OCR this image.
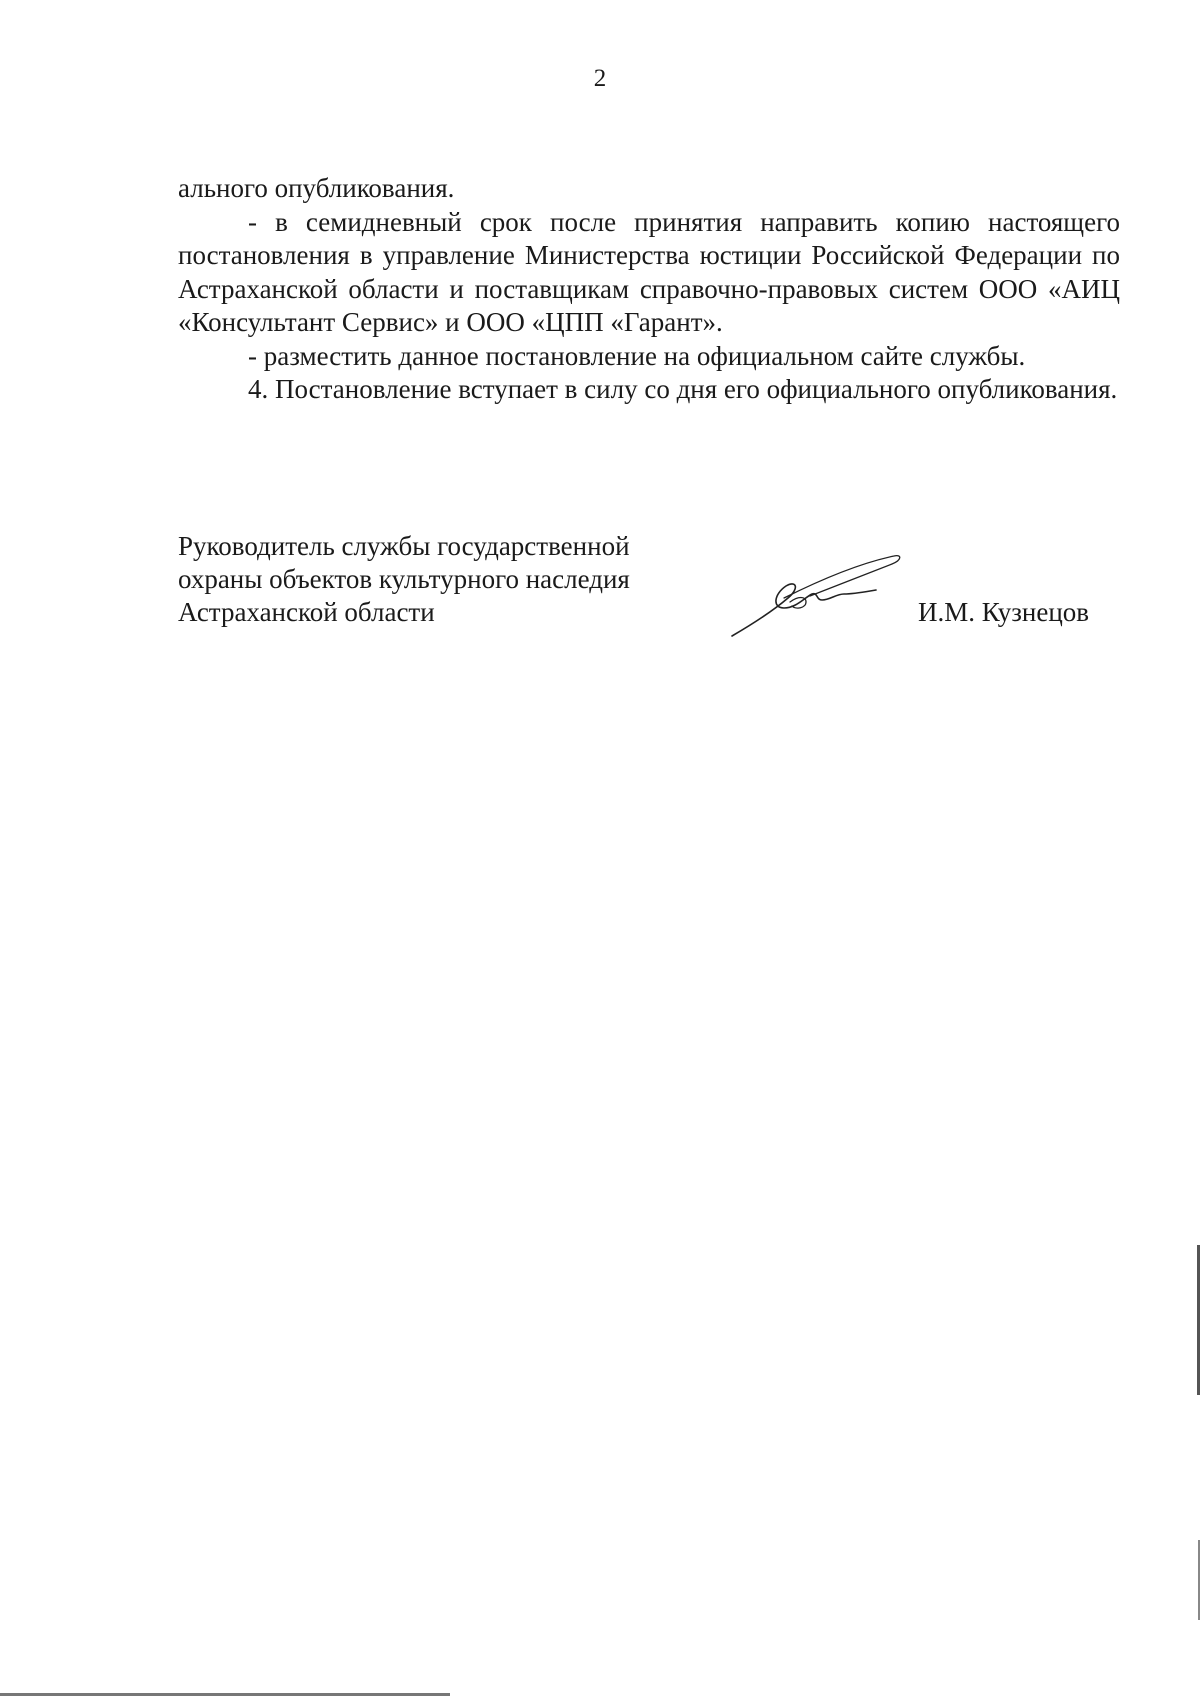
2

ального опубликования.

- в семидневный срок после принятия направить копию настоящего постановления в управление Министерства юстиции Российской Федерации по Астраханской области и поставщикам справочно-правовых систем ООО «АИЦ «Консультант Сервис» и ООО «ЦПП «Гарант».

- разместить данное постановление на официальном сайте службы.

4. Постановление вступает в силу со дня его официального опубликования.

Руководитель службы государственной
охраны объектов культурного наследия
Астраханской области	И.М. Кузнецов
